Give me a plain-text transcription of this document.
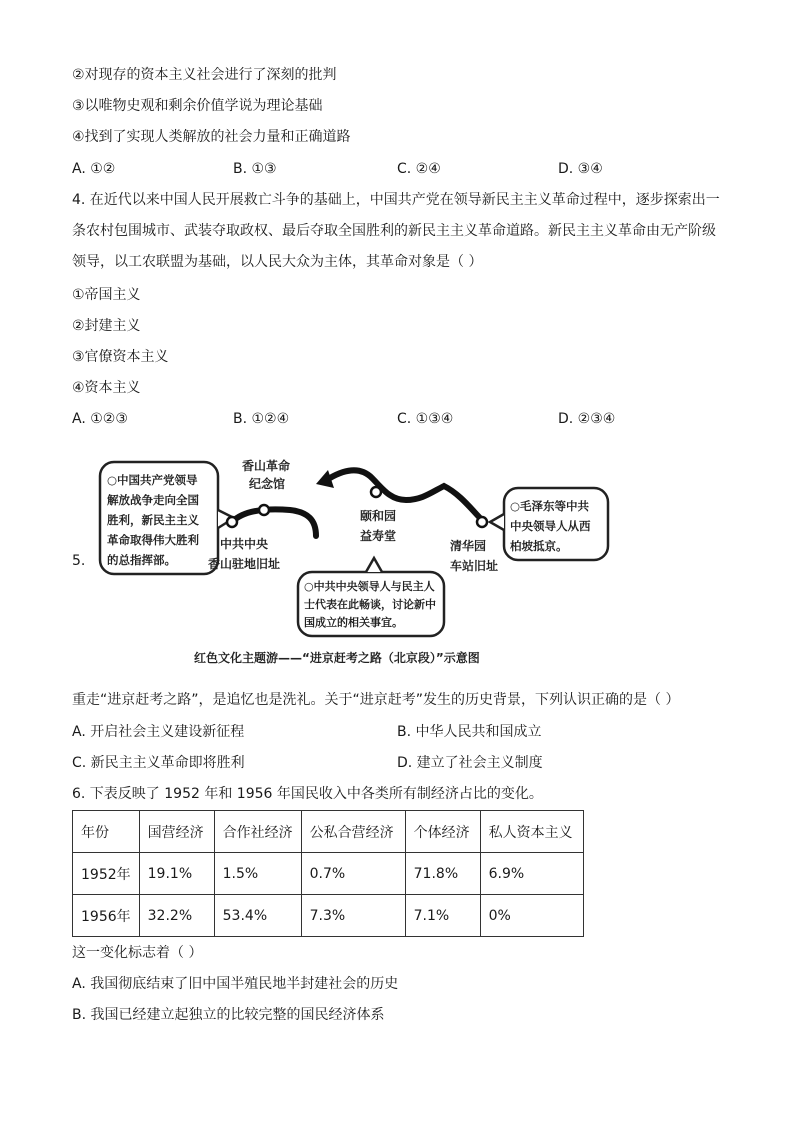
②对现存的资本主义社会进行了深刻的批判
③以唯物史观和剩余价值学说为理论基础
④找到了实现人类解放的社会力量和正确道路
A. ①②	B. ①③	C. ②④	D. ③④
4. 在近代以来中国人民开展救亡斗争的基础上，中国共产党在领导新民主主义革命过程中，逐步探索出一
条农村包围城市、武装夺取政权、最后夺取全国胜利的新民主主义革命道路。新民主主义革命由无产阶级
领导，以工农联盟为基础，以人民大众为主体，其革命对象是（ ）
①帝国主义
②封建主义
③官僚资本主义
④资本主义
A. ①②③	B. ①②④	C. ①③④	D. ②③④
5.
○中国共产党领导
解放战争走向全国
胜利，新民主主义
革命取得伟大胜利
的总指挥部。
香山革命
纪念馆
中共中央
香山驻地旧址
颐和园
益寿堂
清华园
车站旧址
○毛泽东等中共
中央领导人从西
柏坡抵京。
○中共中央领导人与民主人
士代表在此畅谈，讨论新中
国成立的相关事宜。
红色文化主题游——“进京赶考之路（北京段）”示意图
重走“进京赶考之路”，是追忆也是洗礼。关于“进京赶考”发生的历史背景，下列认识正确的是（ ）
A. 开启社会主义建设新征程	B. 中华人民共和国成立
C. 新民主主义革命即将胜利	D. 建立了社会主义制度
6. 下表反映了 1952 年和 1956 年国民收入中各类所有制经济占比的变化。
年份	国营经济	合作社经济	公私合营经济	个体经济	私人资本主义
1952年	19.1%	1.5%	0.7%	71.8%	6.9%
1956年	32.2%	53.4%	7.3%	7.1%	0%
这一变化标志着（ ）
A. 我国彻底结束了旧中国半殖民地半封建社会的历史
B. 我国已经建立起独立的比较完整的国民经济体系
